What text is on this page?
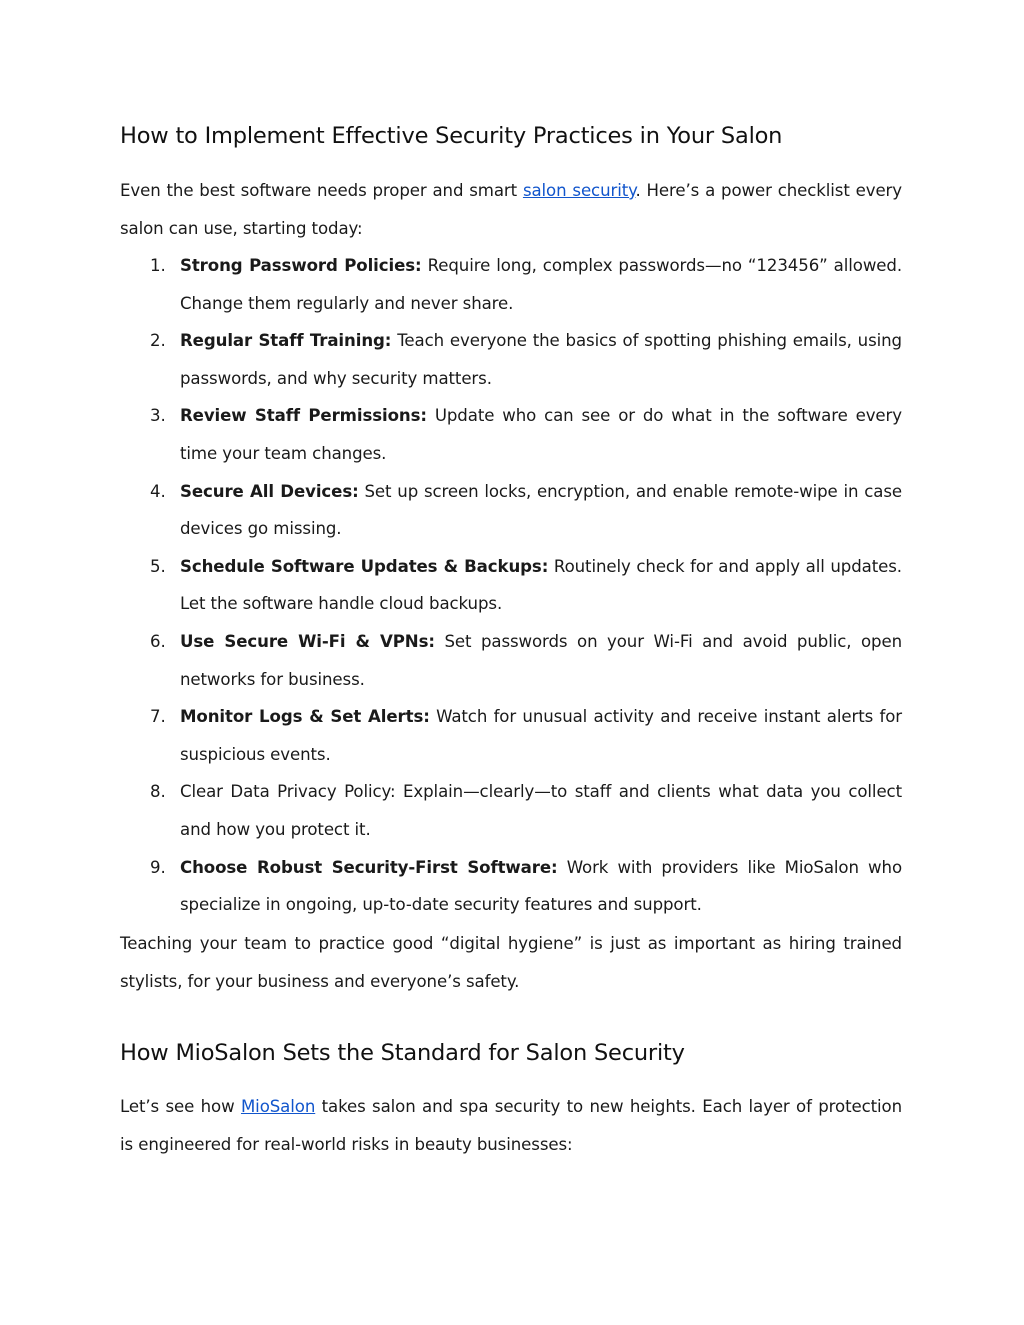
How to Implement Effective Security Practices in Your Salon

Even the best software needs proper and smart salon security. Here’s a power checklist every salon can use, starting today:

1. Strong Password Policies: Require long, complex passwords—no “123456” allowed. Change them regularly and never share.
2. Regular Staff Training: Teach everyone the basics of spotting phishing emails, using passwords, and why security matters.
3. Review Staff Permissions: Update who can see or do what in the software every time your team changes.
4. Secure All Devices: Set up screen locks, encryption, and enable remote-wipe in case devices go missing.
5. Schedule Software Updates & Backups: Routinely check for and apply all updates. Let the software handle cloud backups.
6. Use Secure Wi-Fi & VPNs: Set passwords on your Wi-Fi and avoid public, open networks for business.
7. Monitor Logs & Set Alerts: Watch for unusual activity and receive instant alerts for suspicious events.
8. Clear Data Privacy Policy: Explain—clearly—to staff and clients what data you collect and how you protect it.
9. Choose Robust Security-First Software: Work with providers like MioSalon who specialize in ongoing, up-to-date security features and support.

Teaching your team to practice good “digital hygiene” is just as important as hiring trained stylists, for your business and everyone’s safety.

How MioSalon Sets the Standard for Salon Security

Let’s see how MioSalon takes salon and spa security to new heights. Each layer of protection is engineered for real-world risks in beauty businesses:
